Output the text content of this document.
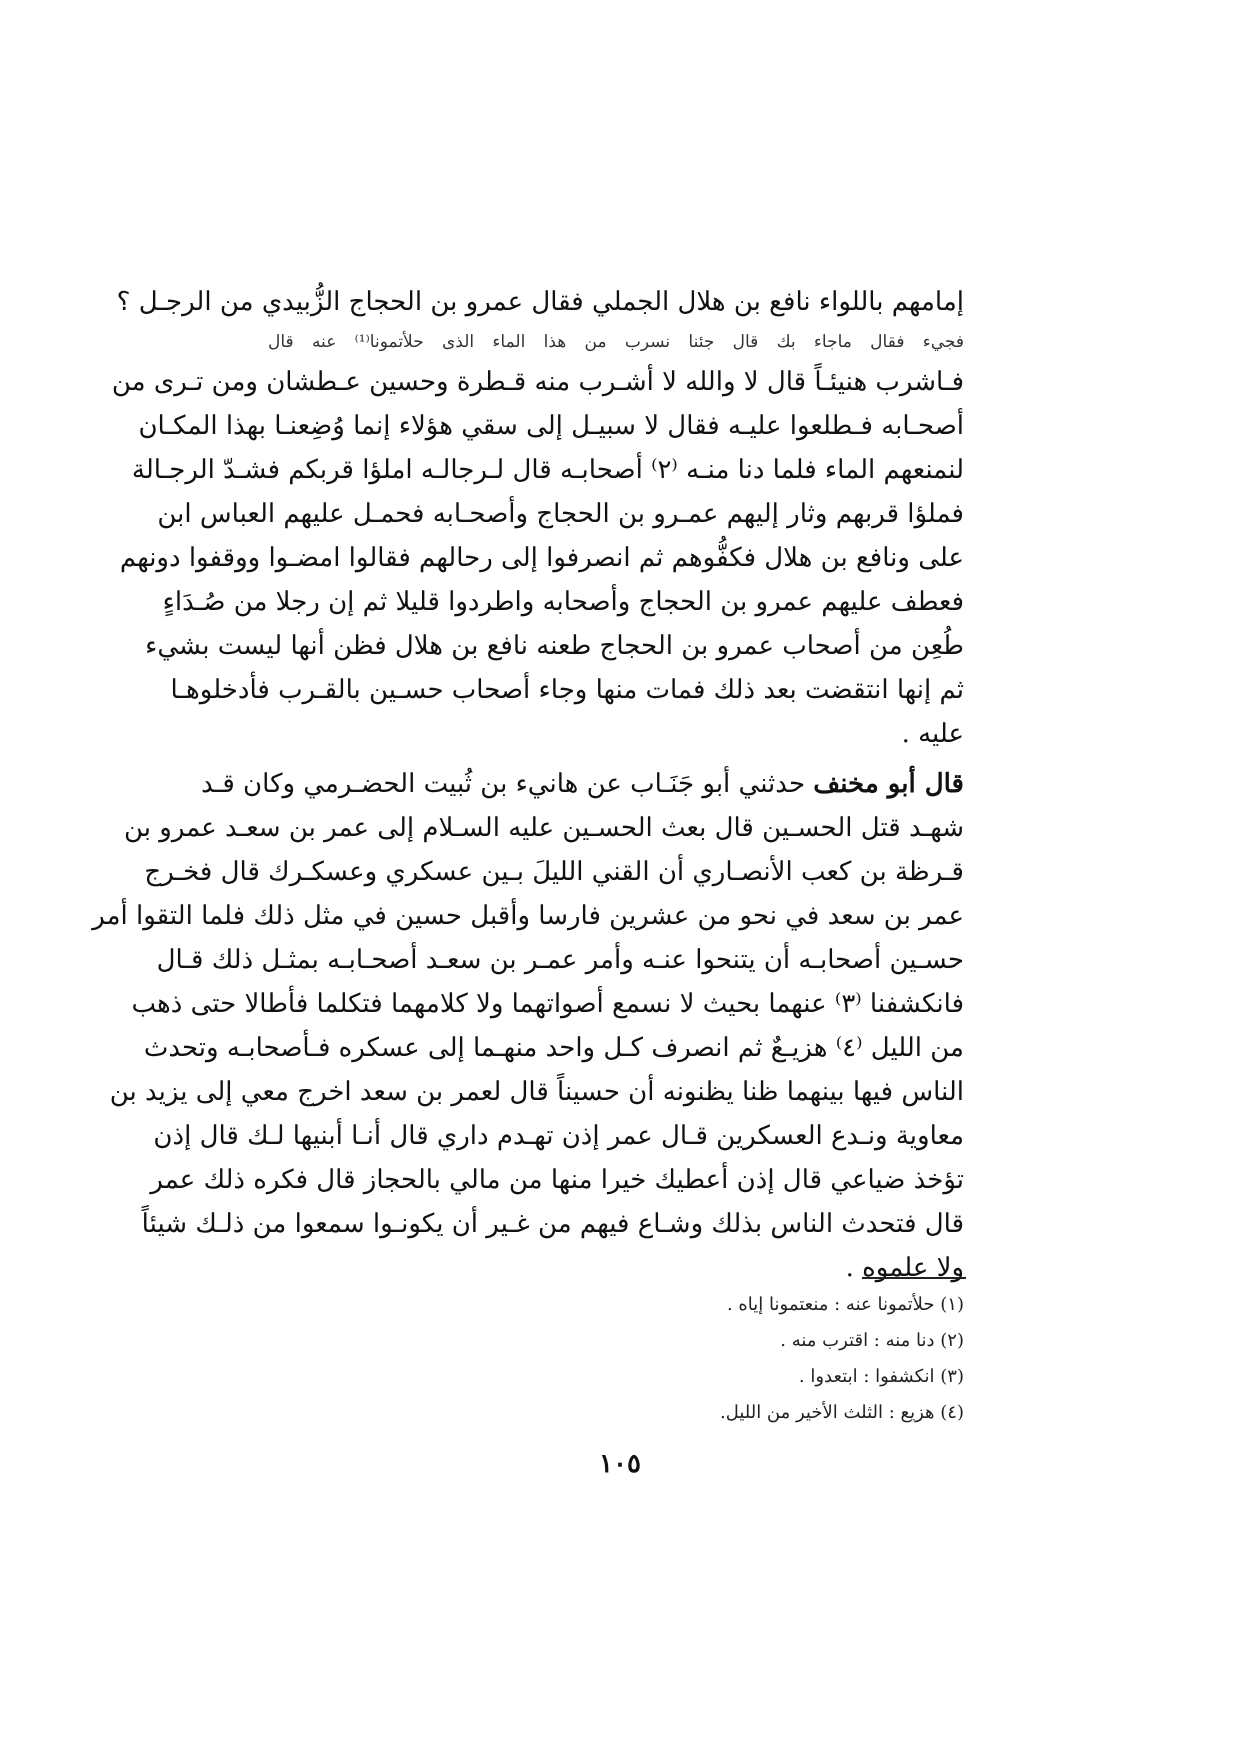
إمامهم باللواء نافع بن هلال الجملي فقال عمرو بن الحجاج الزُّبيدي من الرجـل ؟
فجيء فقال ماجاء بك قال جئنا نسرب من هذا الماء الذى حلأتمونا⁽¹⁾ عنه قال
فـاشرب هنيئـاً قال لا والله لا أشـرب منه قـطرة وحسين عـطشان ومن تـرى من
أصحـابه فـطلعوا عليـه فقال لا سبيـل إلى سقي هؤلاء إنما وُضِعنـا بهذا المكـان
لنمنعهم الماء فلما دنا منـه ⁽٢⁾ أصحابـه قال لـرجالـه املؤا قربكم فشـدّ الرجـالة
فملؤا قربهم وثار إليهم عمـرو بن الحجاج وأصحـابه فحمـل عليهم العباس ابن
على ونافع بن هلال فكفُّوهم ثم انصرفوا إلى رحالهم فقالوا امضـوا ووقفوا دونهم
فعطف عليهم عمرو بن الحجاج وأصحابه واطردوا قليلا ثم إن رجلا من صُـدَاءٍ
طُعِن من أصحاب عمرو بن الحجاج طعنه نافع بن هلال فظن أنها ليست بشيء
ثم إنها انتقضت بعد ذلك فمات منها وجاء أصحاب حسـين بالقـرب فأدخلوهـا
عليه .
قال أبو مخنف حدثني أبو جَنَـاب عن هانيء بن ثُبيت الحضـرمي وكان قـد
شهـد قتل الحسـين قال بعث الحسـين عليه السـلام إلى عمر بن سعـد عمرو بن
قـرظة بن كعب الأنصـاري أن القني الليلَ بـين عسكري وعسكـرك قال فخـرج
عمر بن سعد في نحو من عشرين فارسا وأقبل حسين في مثل ذلك فلما التقوا أمر
حسـين أصحابـه أن يتنحوا عنـه وأمر عمـر بن سعـد أصحـابـه بمثـل ذلك قـال
فانكشفنا ⁽٣⁾ عنهما بحيث لا نسمع أصواتهما ولا كلامهما فتكلما فأطالا حتى ذهب
من الليل ⁽٤⁾ هزيـعٌ ثم انصرف كـل واحد منهـما إلى عسكره فـأصحابـه وتحدث
الناس فيها بينهما ظنا يظنونه أن حسيناً قال لعمر بن سعد اخرج معي إلى يزيد بن
معاوية ونـدع العسكرين قـال عمر إذن تهـدم داري قال أنـا أبنيها لـك قال إذن
تؤخذ ضياعي قال إذن أعطيك خيرا منها من مالي بالحجاز قال فكره ذلك عمر
قال فتحدث الناس بذلك وشـاع فيهم من غـير أن يكونـوا سمعوا من ذلـك شيئاً
ولا علموه .
(١) حلأتمونا عنه : منعتمونا إياه .
(٢) دنا منه : اقترب منه .
(٣) انكشفوا : ابتعدوا .
(٤) هزيع : الثلث الأخير من الليل.
١٠٥
